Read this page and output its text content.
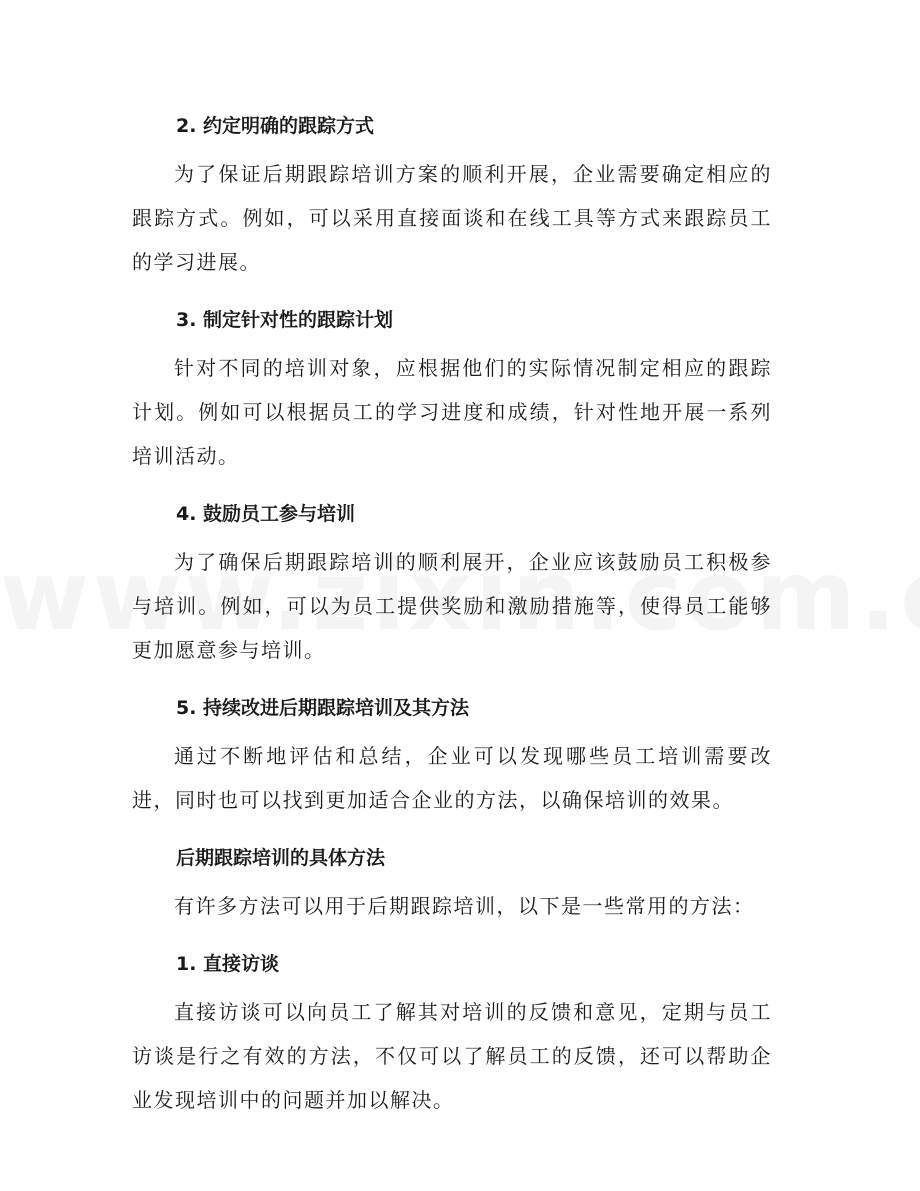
2. 约定明确的跟踪方式

为了保证后期跟踪培训方案的顺利开展，企业需要确定相应的跟踪方式。例如，可以采用直接面谈和在线工具等方式来跟踪员工的学习进展。

3. 制定针对性的跟踪计划

针对不同的培训对象，应根据他们的实际情况制定相应的跟踪计划。例如可以根据员工的学习进度和成绩，针对性地开展一系列培训活动。

4. 鼓励员工参与培训

为了确保后期跟踪培训的顺利展开，企业应该鼓励员工积极参与培训。例如，可以为员工提供奖励和激励措施等，使得员工能够更加愿意参与培训。

5. 持续改进后期跟踪培训及其方法

通过不断地评估和总结，企业可以发现哪些员工培训需要改进，同时也可以找到更加适合企业的方法，以确保培训的效果。

后期跟踪培训的具体方法

有许多方法可以用于后期跟踪培训，以下是一些常用的方法：

1. 直接访谈

直接访谈可以向员工了解其对培训的反馈和意见，定期与员工访谈是行之有效的方法，不仅可以了解员工的反馈，还可以帮助企业发现培训中的问题并加以解决。
